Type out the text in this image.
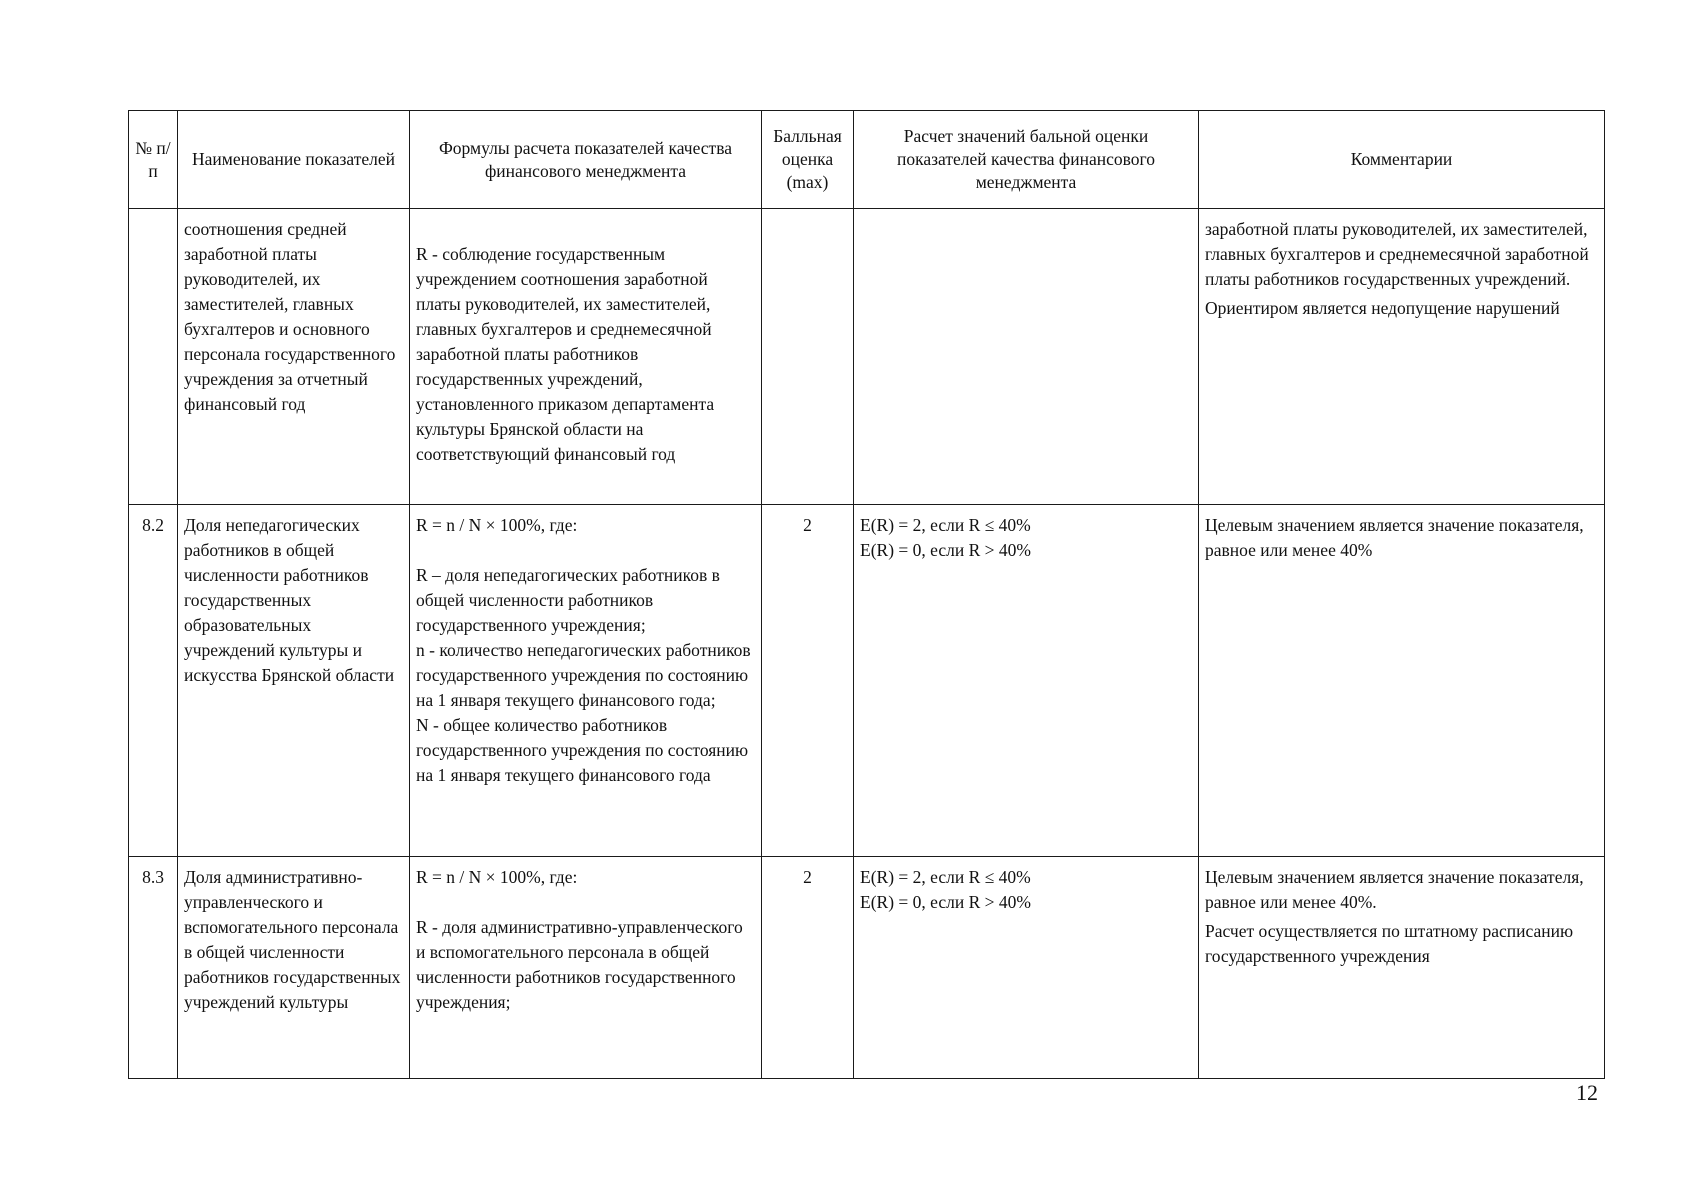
№ п/п	Наименование показателей	Формулы расчета показателей качества финансового менеджмента	Балльная оценка (max)	Расчет значений бальной оценки показателей качества финансового менеджмента	Комментарии
	соотношения средней заработной платы руководителей, их заместителей, главных бухгалтеров и основного персонала государственного учреждения за отчетный финансовый год	R - соблюдение государственным учреждением соотношения заработной платы руководителей, их заместителей, главных бухгалтеров и среднемесячной заработной платы работников государственных учреждений, установленного приказом департамента культуры Брянской области на соответствующий финансовый год			заработной платы руководителей, их заместителей, главных бухгалтеров и среднемесячной заработной платы работников государственных учреждений.
Ориентиром является недопущение нарушений

8.2	Доля непедагогических работников в общей численности работников государственных образовательных учреждений культуры и искусства Брянской области	R = n / N × 100%, где:
R – доля непедагогических работников в общей численности работников государственного учреждения;
n - количество непедагогических работников государственного учреждения по состоянию на 1 января текущего финансового года;
N - общее количество работников государственного учреждения по состоянию на 1 января текущего финансового года	2	E(R) = 2, если R ≤ 40%
E(R) = 0, если R > 40%	Целевым значением является значение показателя, равное или менее 40%

8.3	Доля административно-управленческого и вспомогательного персонала в общей численности работников государственных учреждений культуры	R = n / N × 100%, где:
R - доля административно-управленческого и вспомогательного персонала в общей численности работников государственного учреждения;	2	E(R) = 2, если R ≤ 40%
E(R) = 0, если R > 40%	Целевым значением является значение показателя, равное или менее 40%.
Расчет осуществляется по штатному расписанию государственного учреждения
12
